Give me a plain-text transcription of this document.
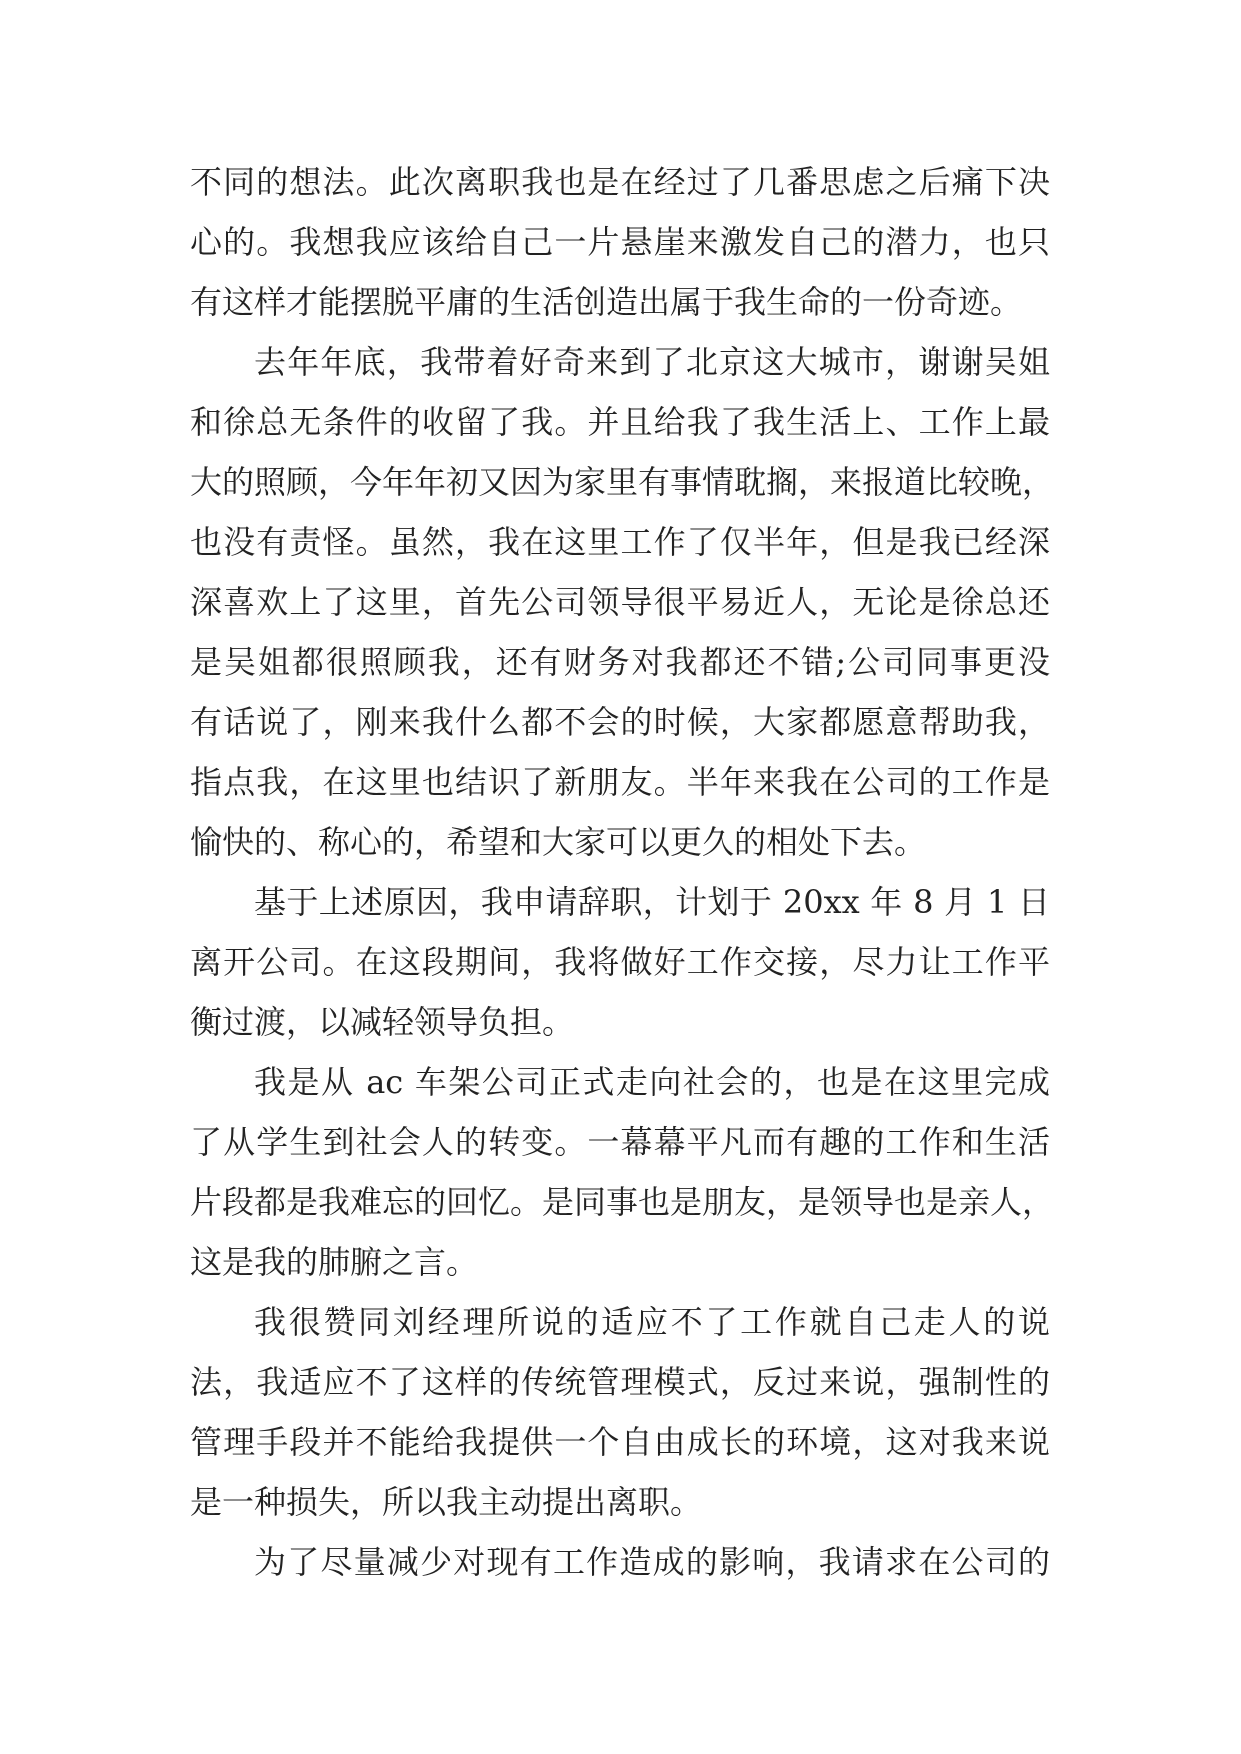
不同的想法。此次离职我也是在经过了几番思虑之后痛下决
心的。我想我应该给自己一片悬崖来激发自己的潜力，也只
有这样才能摆脱平庸的生活创造出属于我生命的一份奇迹。
去年年底，我带着好奇来到了北京这大城市，谢谢吴姐
和徐总无条件的收留了我。并且给我了我生活上、工作上最
大的照顾，今年年初又因为家里有事情耽搁，来报道比较晚，
也没有责怪。虽然，我在这里工作了仅半年，但是我已经深
深喜欢上了这里，首先公司领导很平易近人，无论是徐总还
是吴姐都很照顾我，还有财务对我都还不错;公司同事更没
有话说了，刚来我什么都不会的时候，大家都愿意帮助我，
指点我，在这里也结识了新朋友。半年来我在公司的工作是
愉快的、称心的，希望和大家可以更久的相处下去。
基于上述原因，我申请辞职，计划于 20xx 年 8 月 1 日
离开公司。在这段期间，我将做好工作交接，尽力让工作平
衡过渡，以减轻领导负担。
我是从 ac 车架公司正式走向社会的，也是在这里完成
了从学生到社会人的转变。一幕幕平凡而有趣的工作和生活
片段都是我难忘的回忆。是同事也是朋友，是领导也是亲人，
这是我的肺腑之言。
我很赞同刘经理所说的适应不了工作就自己走人的说
法，我适应不了这样的传统管理模式，反过来说，强制性的
管理手段并不能给我提供一个自由成长的环境，这对我来说
是一种损失，所以我主动提出离职。
为了尽量减少对现有工作造成的影响，我请求在公司的
